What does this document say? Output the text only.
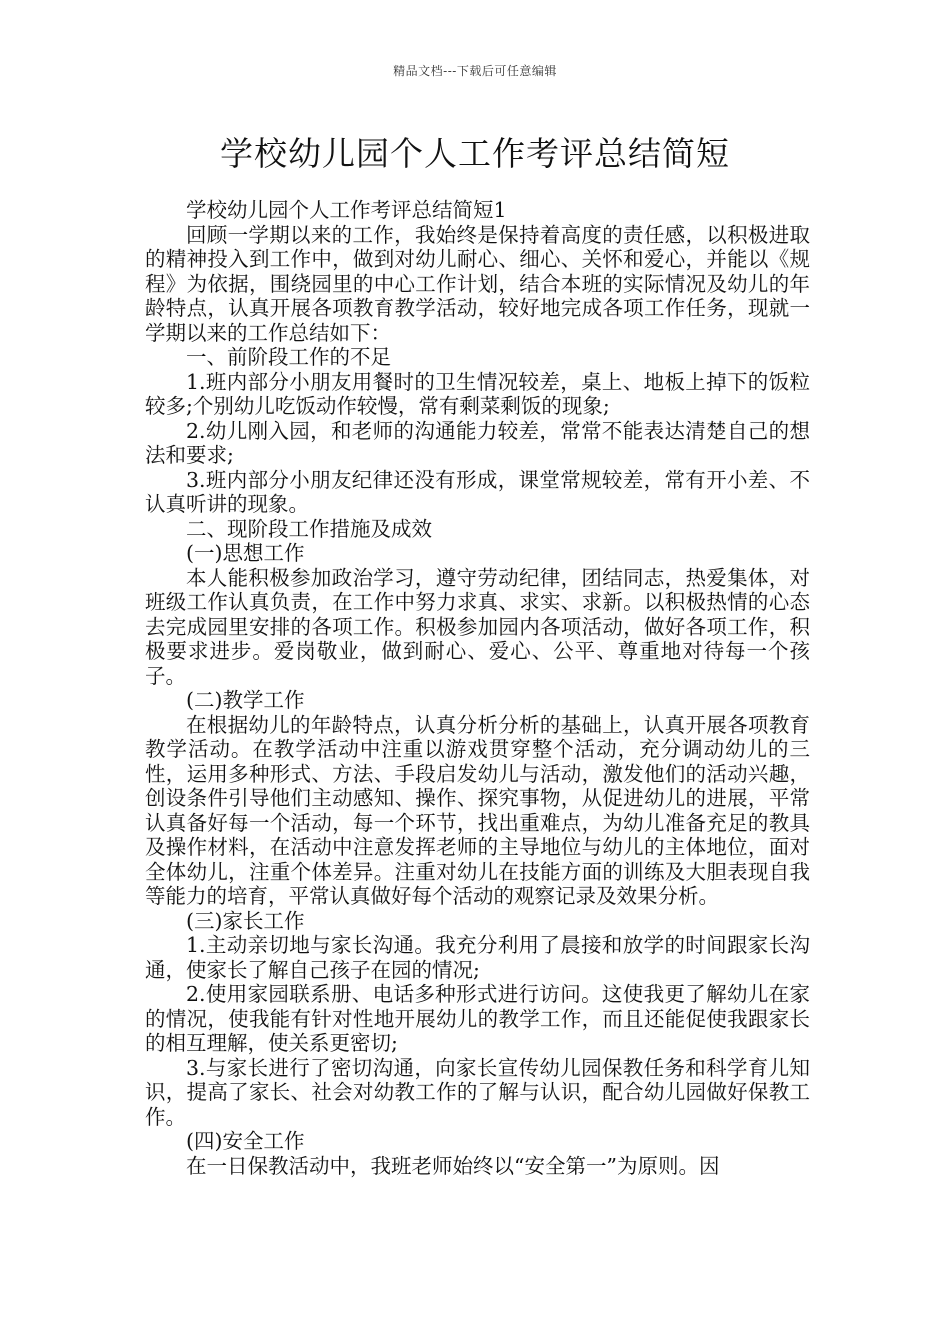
精品文档---下载后可任意编辑
学校幼儿园个人工作考评总结简短

学校幼儿园个人工作考评总结简短1

回顾一学期以来的工作，我始终是保持着高度的责任感，以积极进取的精神投入到工作中，做到对幼儿耐心、细心、关怀和爱心，并能以《规程》为依据，围绕园里的中心工作计划，结合本班的实际情况及幼儿的年龄特点，认真开展各项教育教学活动，较好地完成各项工作任务，现就一学期以来的工作总结如下：

一、前阶段工作的不足

1.班内部分小朋友用餐时的卫生情况较差，桌上、地板上掉下的饭粒较多;个别幼儿吃饭动作较慢，常有剩菜剩饭的现象;

2.幼儿刚入园，和老师的沟通能力较差，常常不能表达清楚自己的想法和要求;

3.班内部分小朋友纪律还没有形成，课堂常规较差，常有开小差、不认真听讲的现象。

二、现阶段工作措施及成效

(一)思想工作

本人能积极参加政治学习，遵守劳动纪律，团结同志，热爱集体，对班级工作认真负责，在工作中努力求真、求实、求新。以积极热情的心态去完成园里安排的各项工作。积极参加园内各项活动，做好各项工作，积极要求进步。爱岗敬业，做到耐心、爱心、公平、尊重地对待每一个孩子。

(二)教学工作

在根据幼儿的年龄特点，认真分析分析的基础上，认真开展各项教育教学活动。在教学活动中注重以游戏贯穿整个活动，充分调动幼儿的三性，运用多种形式、方法、手段启发幼儿与活动，激发他们的活动兴趣，创设条件引导他们主动感知、操作、探究事物，从促进幼儿的进展，平常认真备好每一个活动，每一个环节，找出重难点，为幼儿准备充足的教具及操作材料，在活动中注意发挥老师的主导地位与幼儿的主体地位，面对全体幼儿，注重个体差异。注重对幼儿在技能方面的训练及大胆表现自我等能力的培育，平常认真做好每个活动的观察记录及效果分析。

(三)家长工作

1.主动亲切地与家长沟通。我充分利用了晨接和放学的时间跟家长沟通，使家长了解自己孩子在园的情况;

2.使用家园联系册、电话多种形式进行访问。这使我更了解幼儿在家的情况，使我能有针对性地开展幼儿的教学工作，而且还能促使我跟家长的相互理解，使关系更密切;

3.与家长进行了密切沟通，向家长宣传幼儿园保教任务和科学育儿知识，提高了家长、社会对幼教工作的了解与认识，配合幼儿园做好保教工作。

(四)安全工作

在一日保教活动中，我班老师始终以“安全第一”为原则。因
